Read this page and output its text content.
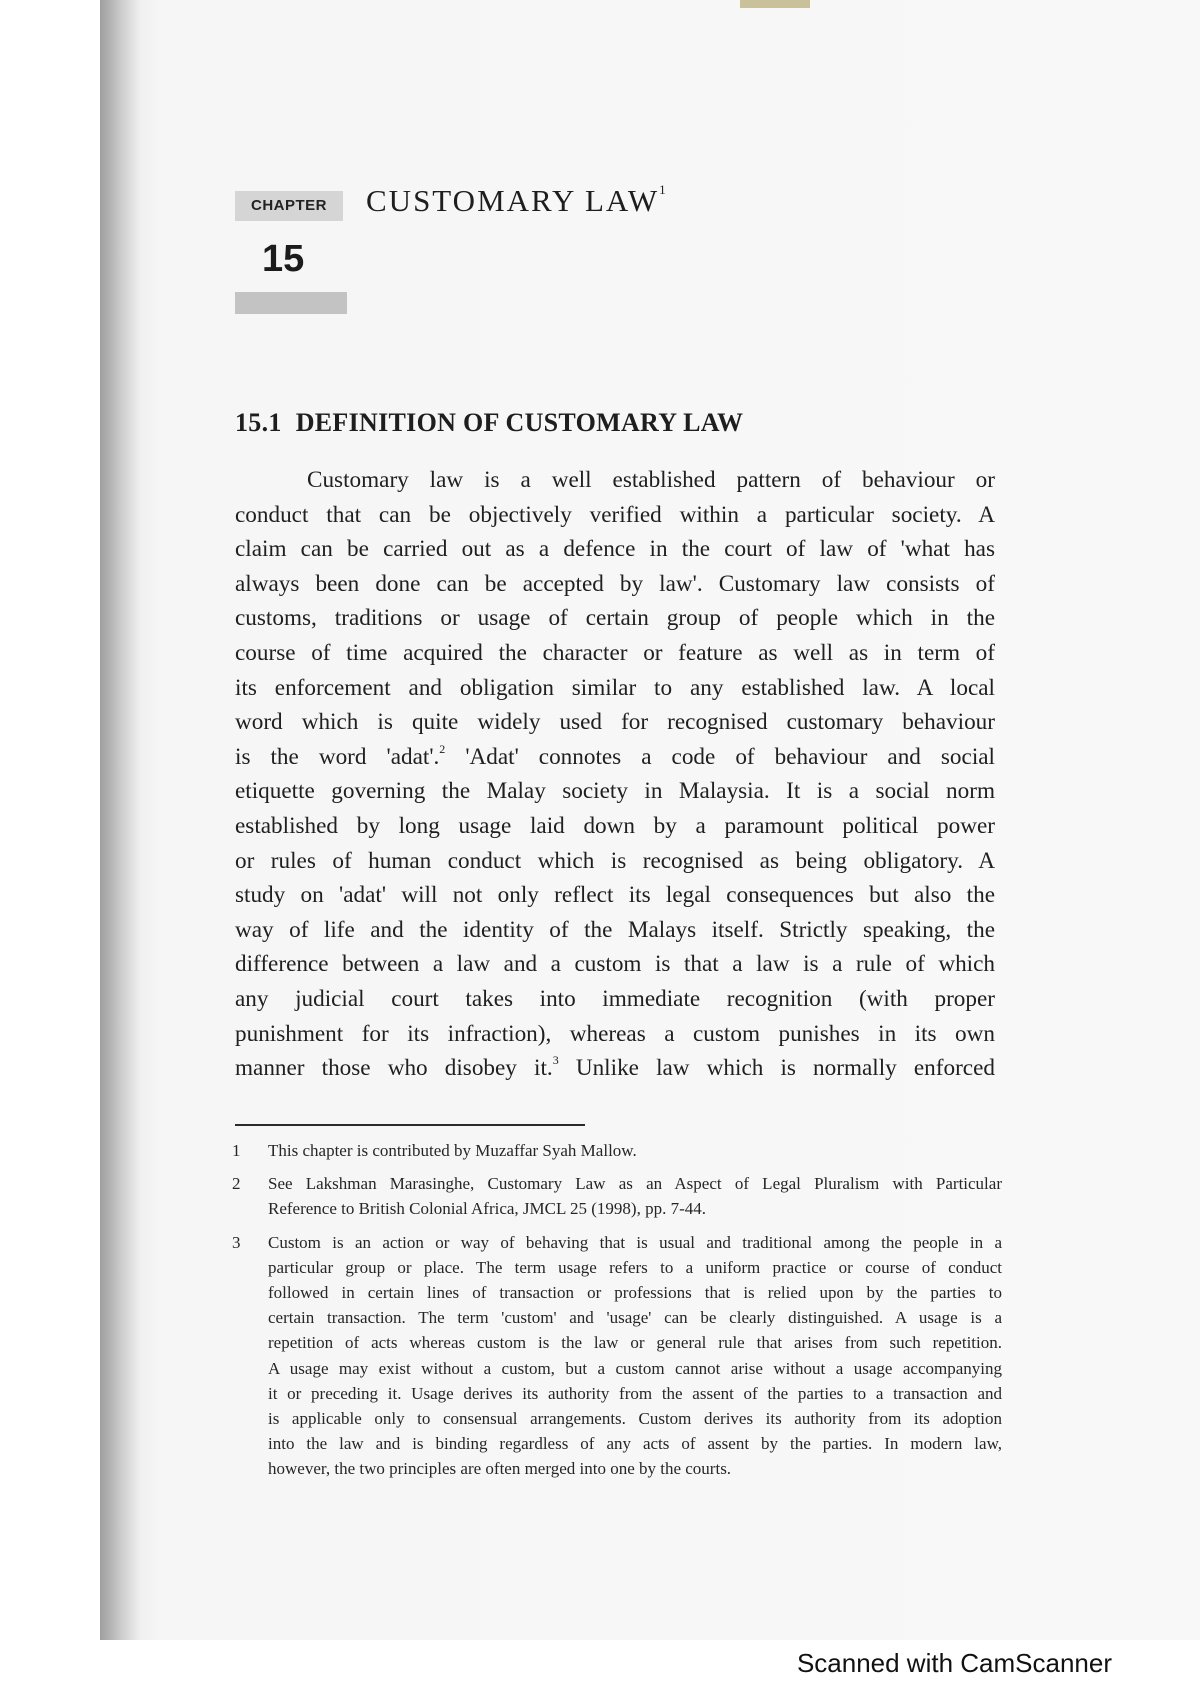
CHAPTER
15
CUSTOMARY LAW$^1$
15.1 DEFINITION OF CUSTOMARY LAW
Customary law is a well established pattern of behaviour or
conduct that can be objectively verified within a particular society. A
claim can be carried out as a defence in the court of law of 'what has
always been done can be accepted by law'. Customary law consists of
customs, traditions or usage of certain group of people which in the
course of time acquired the character or feature as well as in term of
its enforcement and obligation similar to any established law. A local
word which is quite widely used for recognised customary behaviour
is the word 'adat'.$^2$ 'Adat' connotes a code of behaviour and social
etiquette governing the Malay society in Malaysia. It is a social norm
established by long usage laid down by a paramount political power
or rules of human conduct which is recognised as being obligatory. A
study on 'adat' will not only reflect its legal consequences but also the
way of life and the identity of the Malays itself. Strictly speaking, the
difference between a law and a custom is that a law is a rule of which
any judicial court takes into immediate recognition (with proper
punishment for its infraction), whereas a custom punishes in its own
manner those who disobey it.$^3$ Unlike law which is normally enforced
1 This chapter is contributed by Muzaffar Syah Mallow.
2 See Lakshman Marasinghe, Customary Law as an Aspect of Legal Pluralism with Particular
Reference to British Colonial Africa, JMCL 25 (1998), pp. 7-44.
3 Custom is an action or way of behaving that is usual and traditional among the people in a
particular group or place. The term usage refers to a uniform practice or course of conduct
followed in certain lines of transaction or professions that is relied upon by the parties to
certain transaction. The term 'custom' and 'usage' can be clearly distinguished. A usage is a
repetition of acts whereas custom is the law or general rule that arises from such repetition.
A usage may exist without a custom, but a custom cannot arise without a usage accompanying
it or preceding it. Usage derives its authority from the assent of the parties to a transaction and
is applicable only to consensual arrangements. Custom derives its authority from its adoption
into the law and is binding regardless of any acts of assent by the parties. In modern law,
however, the two principles are often merged into one by the courts.
Scanned with CamScanner
